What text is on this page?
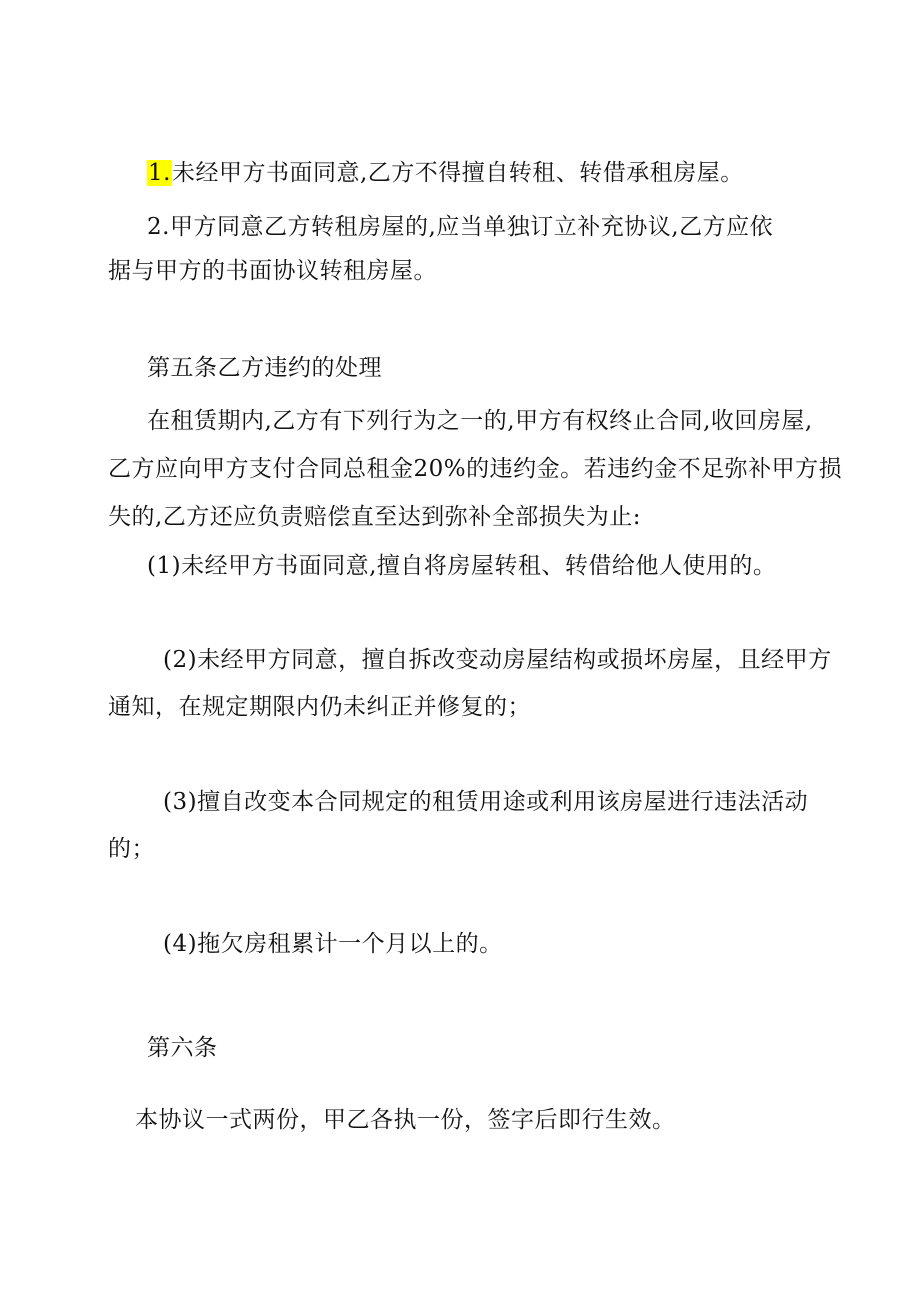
1.未经甲方书面同意,乙方不得擅自转租、转借承租房屋。
2.甲方同意乙方转租房屋的,应当单独订立补充协议,乙方应依
据与甲方的书面协议转租房屋。
第五条乙方违约的处理
在租赁期内,乙方有下列行为之一的,甲方有权终止合同,收回房屋,
乙方应向甲方支付合同总租金20%的违约金。若违约金不足弥补甲方损
失的,乙方还应负责赔偿直至达到弥补全部损失为止:
(1)未经甲方书面同意,擅自将房屋转租、转借给他人使用的。
(2)未经甲方同意，擅自拆改变动房屋结构或损坏房屋，且经甲方
通知，在规定期限内仍未纠正并修复的；
(3)擅自改变本合同规定的租赁用途或利用该房屋进行违法活动
的；
(4)拖欠房租累计一个月以上的。
第六条
本协议一式两份，甲乙各执一份，签字后即行生效。
